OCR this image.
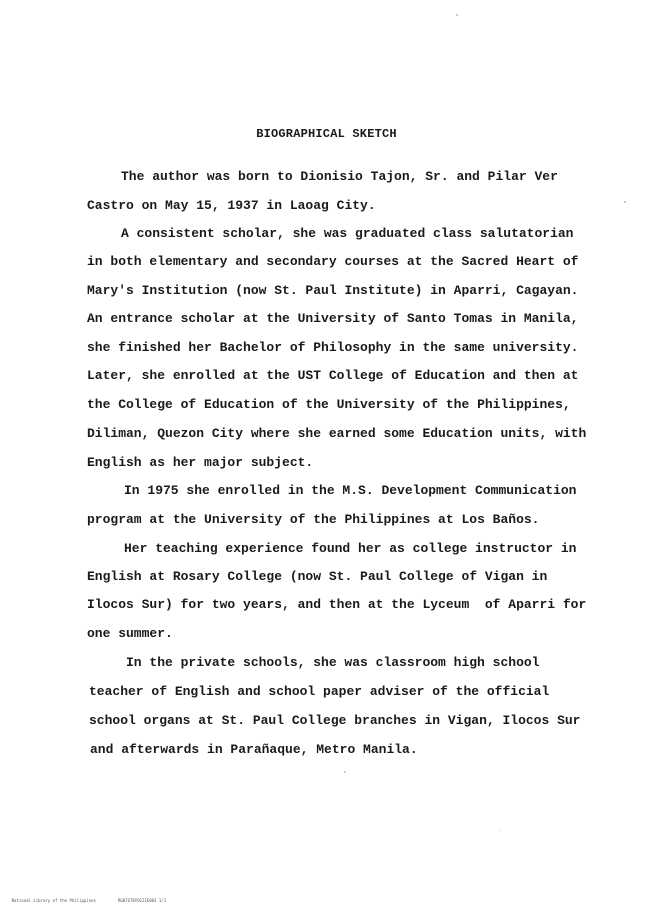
BIOGRAPHICAL SKETCH
The author was born to Dionisio Tajon, Sr. and Pilar Ver
Castro on May 15, 1937 in Laoag City.
A consistent scholar, she was graduated class salutatorian
in both elementary and secondary courses at the Sacred Heart of
Mary's Institution (now St. Paul Institute) in Aparri, Cagayan.
An entrance scholar at the University of Santo Tomas in Manila,
she finished her Bachelor of Philosophy in the same university.
Later, she enrolled at the UST College of Education and then at
the College of Education of the University of the Philippines,
Diliman, Quezon City where she earned some Education units, with
English as her major subject.
In 1975 she enrolled in the M.S. Development Communication
program at the University of the Philippines at Los Baños.
Her teaching experience found her as college instructor in
English at Rosary College (now St. Paul College of Vigan in
Ilocos Sur) for two years, and then at the Lyceum  of Aparri for
one summer.
In the private schools, she was classroom high school
teacher of English and school paper adviser of the official
school organs at St. Paul College branches in Vigan, Ilocos Sur
and afterwards in Parañaque, Metro Manila.

National Library of the Philippines	RG07ST0Y0121E003 1/1
